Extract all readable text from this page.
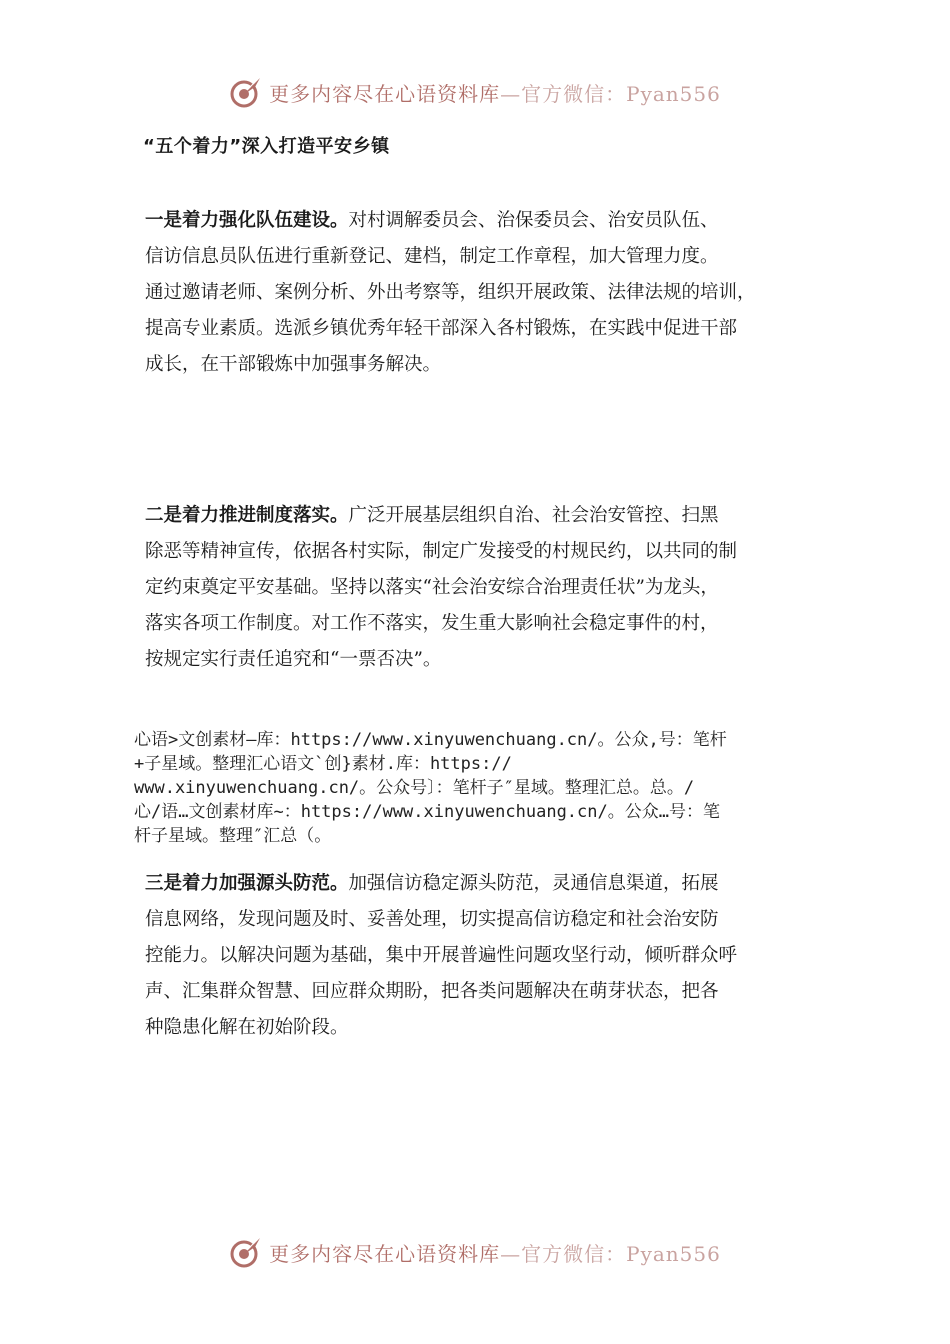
更多内容尽在心语资料库—官方微信：Pyan556
“五个着力”深入打造平安乡镇
一是着力强化队伍建设。对村调解委员会、治保委员会、治安员队伍、
信访信息员队伍进行重新登记、建档，制定工作章程，加大管理力度。
通过邀请老师、案例分析、外出考察等，组织开展政策、法律法规的培训，
提高专业素质。选派乡镇优秀年轻干部深入各村锻炼，在实践中促进干部
成长，在干部锻炼中加强事务解决。
二是着力推进制度落实。广泛开展基层组织自治、社会治安管控、扫黑
除恶等精神宣传，依据各村实际，制定广发接受的村规民约，以共同的制
定约束奠定平安基础。坚持以落实“社会治安综合治理责任状”为龙头，
落实各项工作制度。对工作不落实，发生重大影响社会稳定事件的村，
按规定实行责任追究和“一票否决”。
心语>文创素材—库：https://www.xinyuwenchuang.cn/。公众,号：笔杆
+子星域。整理汇心语文`创}素材.库：https://
www.xinyuwenchuang.cn/。公众号〕：笔杆子″星域。整理汇总。总。/
心/语…文创素材库~：https://www.xinyuwenchuang.cn/。公众…号：笔
杆子星域。整理″汇总（。
三是着力加强源头防范。加强信访稳定源头防范，灵通信息渠道，拓展
信息网络，发现问题及时、妥善处理，切实提高信访稳定和社会治安防
控能力。以解决问题为基础，集中开展普遍性问题攻坚行动，倾听群众呼
声、汇集群众智慧、回应群众期盼，把各类问题解决在萌芽状态，把各
种隐患化解在初始阶段。
更多内容尽在心语资料库—官方微信：Pyan556
